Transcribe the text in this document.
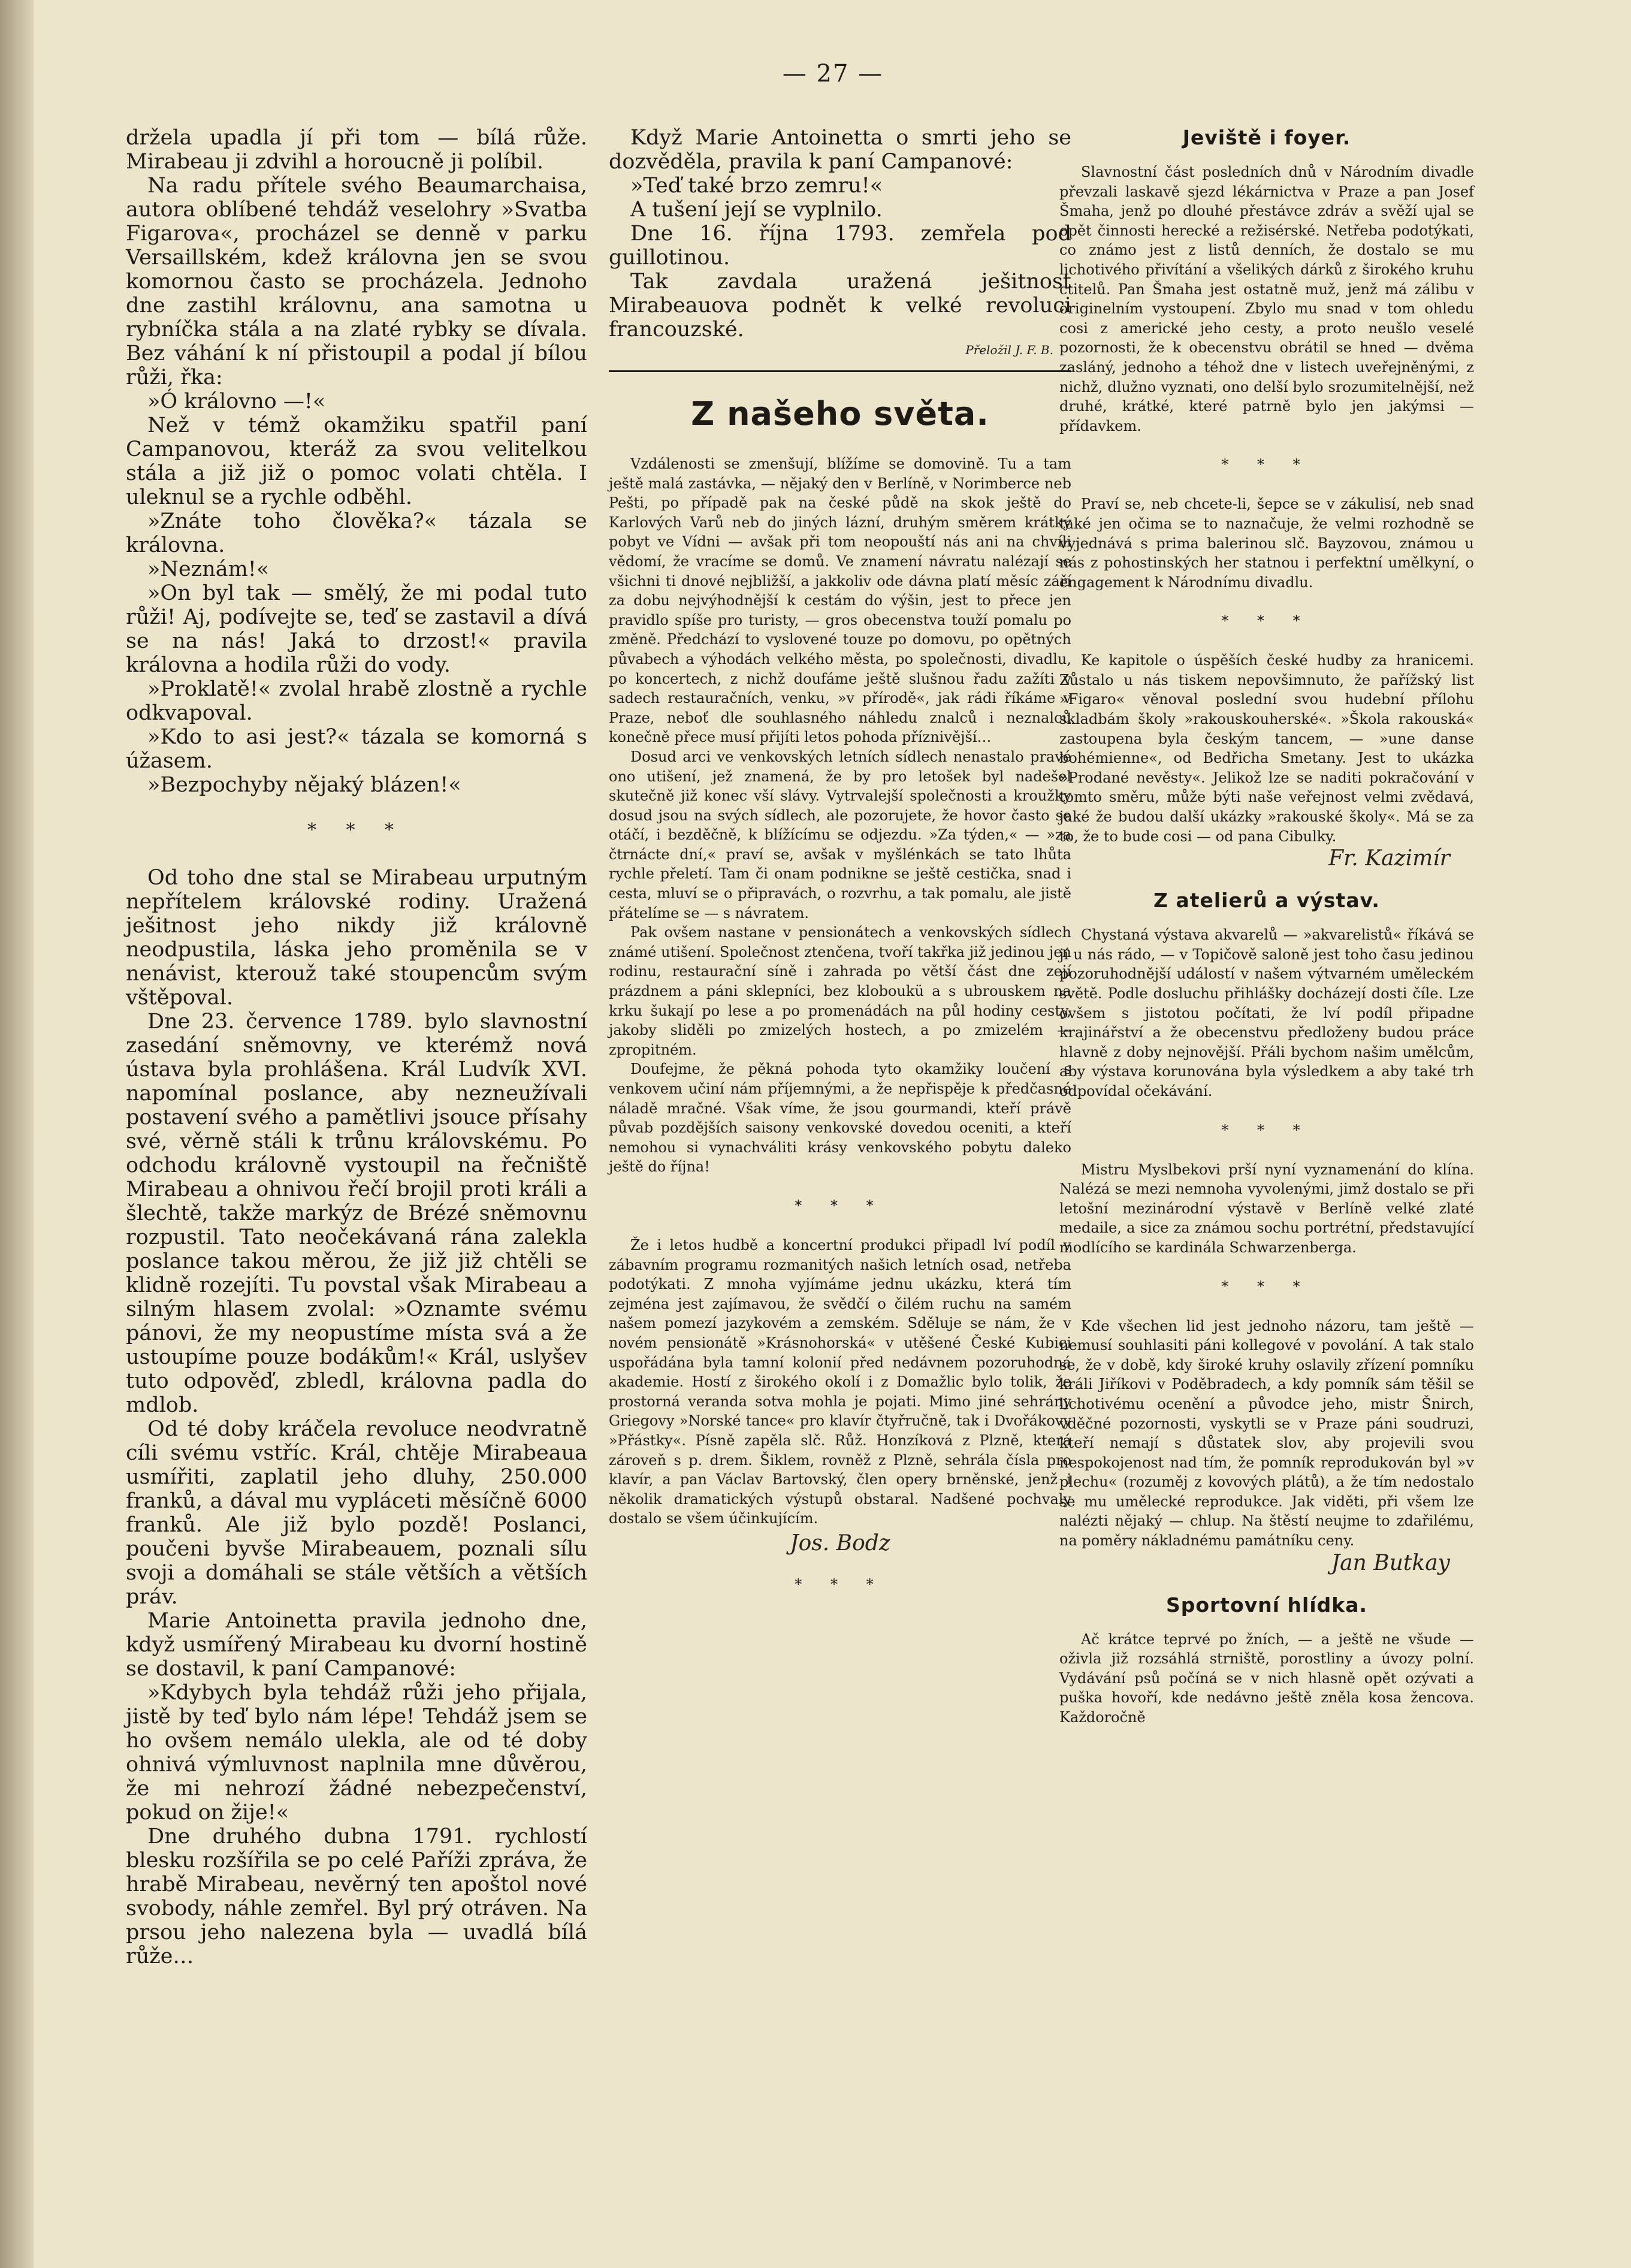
— 27 —

držela upadla jí při tom — bílá růže. Mirabeau ji zdvihl a horoucně ji políbil.

Na radu přítele svého Beaumarchaisa, autora oblíbené tehdáž veselohry »Svatba Figarova«, procházel se denně v parku Versaillském, kdež královna jen se svou komornou často se procházela. Jednoho dne zastihl královnu, ana samotna u rybníčka stála a na zlaté rybky se dívala. Bez váhání k ní přistoupil a podal jí bílou růži, řka:

»Ó královno —!«

Než v témž okamžiku spatřil paní Campanovou, kteráž za svou velitelkou stála a již již o pomoc volati chtěla. I uleknul se a rychle odběhl.

»Znáte toho člověka?« tázala se královna.

»Neznám!«

»On byl tak — smělý, že mi podal tuto růži! Aj, podívejte se, teď se zastavil a dívá se na nás! Jaká to drzost!« pravila královna a hodila růži do vody.

»Proklatě!« zvolal hrabě zlostně a rychle odkvapoval.

»Kdo to asi jest?« tázala se komorná s úžasem.

»Bezpochyby nějaký blázen!«

* * *

Od toho dne stal se Mirabeau urputným nepřítelem královské rodiny. Uražená ješitnost jeho nikdy již královně neodpustila, láska jeho proměnila se v nenávist, kterouž také stoupencům svým vštěpoval.

Dne 23. července 1789. bylo slavnostní zasedání sněmovny, ve kterémž nová ústava byla prohlášena. Král Ludvík XVI. napomínal poslance, aby nezneužívali postavení svého a pamětlivi jsouce přísahy své, věrně stáli k trůnu královskému. Po odchodu královně vystoupil na řečniště Mirabeau a ohnivou řečí brojil proti králi a šlechtě, takže markýz de Brézé sněmovnu rozpustil. Tato neočekávaná rána zalekla poslance takou měrou, že již již chtěli se klidně rozejíti. Tu povstal však Mirabeau a silným hlasem zvolal: »Oznamte svému pánovi, že my neopustíme místa svá a že ustoupíme pouze bodákům!« Král, uslyšev tuto odpověď, zbledl, královna padla do mdlob.

Od té doby kráčela revoluce neodvratně cíli svému vstříc. Král, chtěje Mirabeaua usmířiti, zaplatil jeho dluhy, 250.000 franků, a dával mu vypláceti měsíčně 6000 franků. Ale již bylo pozdě! Poslanci, poučeni byvše Mirabeauem, poznali sílu svoji a domáhali se stále větších a větších práv.

Marie Antoinetta pravila jednoho dne, když usmířený Mirabeau ku dvorní hostině se dostavil, k paní Campanové:

»Kdybych byla tehdáž růži jeho přijala, jistě by teď bylo nám lépe! Tehdáž jsem se ho ovšem nemálo ulekla, ale od té doby ohnivá výmluvnost naplnila mne důvěrou, že mi nehrozí žádné nebezpečenství, pokud on žije!«

Dne druhého dubna 1791. rychlostí blesku rozšířila se po celé Paříži zpráva, že hrabě Mirabeau, nevěrný ten apoštol nové svobody, náhle zemřel. Byl prý otráven. Na prsou jeho nalezena byla — uvadlá bílá růže…

Když Marie Antoinetta o smrti jeho se dozvěděla, pravila k paní Campanové:

»Teď také brzo zemru!«

A tušení její se vyplnilo.

Dne 16. října 1793. zemřela pod guillotinou.

Tak zavdala uražená ješitnost Mirabeauova podnět k velké revoluci francouzské.

Přeložil J. F. B.
Z našeho světa.

Vzdálenosti se zmenšují, blížíme se domovině. Tu a tam ještě malá zastávka, — nějaký den v Berlíně, v Norimberce neb Pešti, po případě pak na české půdě na skok ještě do Karlových Varů neb do jiných lázní, druhým směrem krátký pobyt ve Vídni — avšak při tom neopouští nás ani na chvíli vědomí, že vracíme se domů. Ve znamení návratu nalézají se všichni ti dnové nejbližší, a jakkoliv ode dávna platí měsíc září za dobu nejvýhodnější k cestám do výšin, jest to přece jen pravidlo spíše pro turisty, — gros obecenstva touží pomalu po změně. Předchází to vyslovené touze po domovu, po opětných půvabech a výhodách velkého města, po společnosti, divadlu, po koncertech, z nichž doufáme ještě slušnou řadu zažíti v sadech restauračních, venku, »v přírodě«, jak rádi říkáme v Praze, neboť dle souhlasného náhledu znalců i neznalců konečně přece musí přijíti letos pohoda příznivější…

Dosud arci ve venkovských letních sídlech nenastalo pravé ono utišení, jež znamená, že by pro letošek byl nadešel skutečně již konec vší slávy. Vytrvalejší společnosti a kroužky dosud jsou na svých sídlech, ale pozorujete, že hovor často se otáčí, i bezděčně, k blížícímu se odjezdu. »Za týden,« — »za čtrnácte dní,« praví se, avšak v myšlénkách se tato lhůta rychle přeletí. Tam či onam podnikne se ještě cestička, snad i cesta, mluví se o připravách, o rozvrhu, a tak pomalu, ale jistě přátelíme se — s návratem.

Pak ovšem nastane v pensionátech a venkovských sídlech známé utišení. Společnost ztenčena, tvoří takřka již jedinou jen rodinu, restaurační síně i zahrada po větší část dne zejí prázdnem a páni sklepníci, bez kloboukü a s ubrouskem na krku šukají po lese a po promenádách na půl hodiny cesty, jakoby sliděli po zmizelých hostech, a po zmizelém — zpropitném.

Doufejme, že pěkná pohoda tyto okamžiky loučení s venkovem učiní nám příjemnými, a že nepřispěje k předčasné náladě mračné. Však víme, že jsou gourmandi, kteří právě půvab pozdějších saisony venkovské dovedou oceniti, a kteří nemohou si vynachváliti krásy venkovského pobytu daleko ještě do října!

* * *

Že i letos hudbě a koncertní produkci připadl lví podíl v zábavním programu rozmanitých našich letních osad, netřeba podotýkati. Z mnoha vyjímáme jednu ukázku, která tím zejména jest zajímavou, že svědčí o čilém ruchu na samém našem pomezí jazykovém a zemském. Sděluje se nám, že v novém pensionátě »Krásnohorská« v utěšené České Kubici uspořádána byla tamní kolonií před nedávnem pozoruhodná akademie. Hostí z širokého okolí i z Domažlic bylo tolik, že prostorná veranda sotva mohla je pojati. Mimo jiné sehrány Griegovy »Norské tance« pro klavír čtyřručně, tak i Dvořákovy »Přástky«. Písně zapěla slč. Růž. Honzíková z Plzně, která zároveň s p. drem. Šiklem, rovněž z Plzně, sehrála čísla pro klavír, a pan Václav Bartovský, člen opery brněnské, jenž i několik dramatických výstupů obstaral. Nadšené pochvaly dostalo se všem účinkujícím.

Jos. Bodz
* * *
Jeviště i foyer.

Slavnostní část posledních dnů v Národním divadle převzali laskavě sjezd lékárnictva v Praze a pan Josef Šmaha, jenž po dlouhé přestávce zdráv a svěží ujal se opět činnosti herecké a režisérské. Netřeba podotýkati, co známo jest z listů denních, že dostalo se mu lichotivého přivítání a všelikých dárků z širokého kruhu ctitelů. Pan Šmaha jest ostatně muž, jenž má zálibu v originelním vystoupení. Zbylo mu snad v tom ohledu cosi z americké jeho cesty, a proto neušlo veselé pozornosti, že k obecenstvu obrátil se hned — dvěma zasláný, jednoho a téhož dne v listech uveřejněnými, z nichž, dlužno vyznati, ono delší bylo srozumitelnější, než druhé, krátké, které patrně bylo jen jakýmsi — přídavkem.

* * *

Praví se, neb chcete-li, šepce se v zákulisí, neb snad také jen očima se to naznačuje, že velmi rozhodně se vyjednává s prima balerinou slč. Bayzovou, známou u nás z pohostinských her statnou i perfektní umělkyní, o engagement k Národnímu divadlu.

* * *

Ke kapitole o úspěších české hudby za hranicemi. Zůstalo u nás tiskem nepovšimnuto, že pařížský list »Figaro« věnoval poslední svou hudební přílohu skladbám školy »rakouskouherské«. »Škola rakouská« zastoupena byla českým tancem, — »une danse bohémienne«, od Bedřicha Smetany. Jest to ukázka »Prodané nevěsty«. Jelikož lze se naditi pokračování v tomto směru, může býti naše veřejnost velmi zvědavá, jaké že budou další ukázky »rakouské školy«. Má se za to, že to bude cosi — od pana Cibulky.

Fr. Kazimír
Z atelierů a výstav.

Chystaná výstava akvarelů — »akvarelistů« říkává se jí u nás rádo, — v Topičově saloně jest toho času jedinou pozoruhodnější událostí v našem výtvarném uměleckém světě. Podle dosluchu přihlášky docházejí dosti číle. Lze ovšem s jistotou počítati, že lví podíl připadne krajinářství a že obecenstvu předloženy budou práce hlavně z doby nejnovější. Přáli bychom našim umělcům, aby výstava korunována byla výsledkem a aby také trh odpovídal očekávání.

* * *

Mistru Myslbekovi prší nyní vyznamenání do klína. Nalézá se mezi nemnoha vyvolenými, jimž dostalo se při letošní mezinárodní výstavě v Berlíně velké zlaté medaile, a sice za známou sochu portrétní, představující modlícího se kardinála Schwarzenberga.

* * *

Kde všechen lid jest jednoho názoru, tam ještě — nemusí souhlasiti páni kollegové v povolání. A tak stalo se, že v době, kdy široké kruhy oslavily zřízení pomníku králi Jiříkovi v Poděbradech, a kdy pomník sám těšil se lichotivému ocenění a původce jeho, mistr Šnirch, vděčné pozornosti, vyskytli se v Praze páni soudruzi, kteří nemají s důstatek slov, aby projevili svou nespokojenost nad tím, že pomník reprodukován byl »v plechu« (rozuměj z kovových plátů), a že tím nedostalo se mu umělecké reprodukce. Jak viděti, při všem lze nalézti nějaký — chlup. Na štěstí neujme to zdařilému, na poměry nákladnému památníku ceny.

Jan Butkay
Sportovní hlídka.

Ač krátce teprvé po žních, — a ještě ne všude — oživla již rozsáhlá strniště, porostliny a úvozy polní. Vydávání psů počíná se v nich hlasně opět ozývati a puška hovoří, kde nedávno ještě zněla kosa žencova. Každoročně
